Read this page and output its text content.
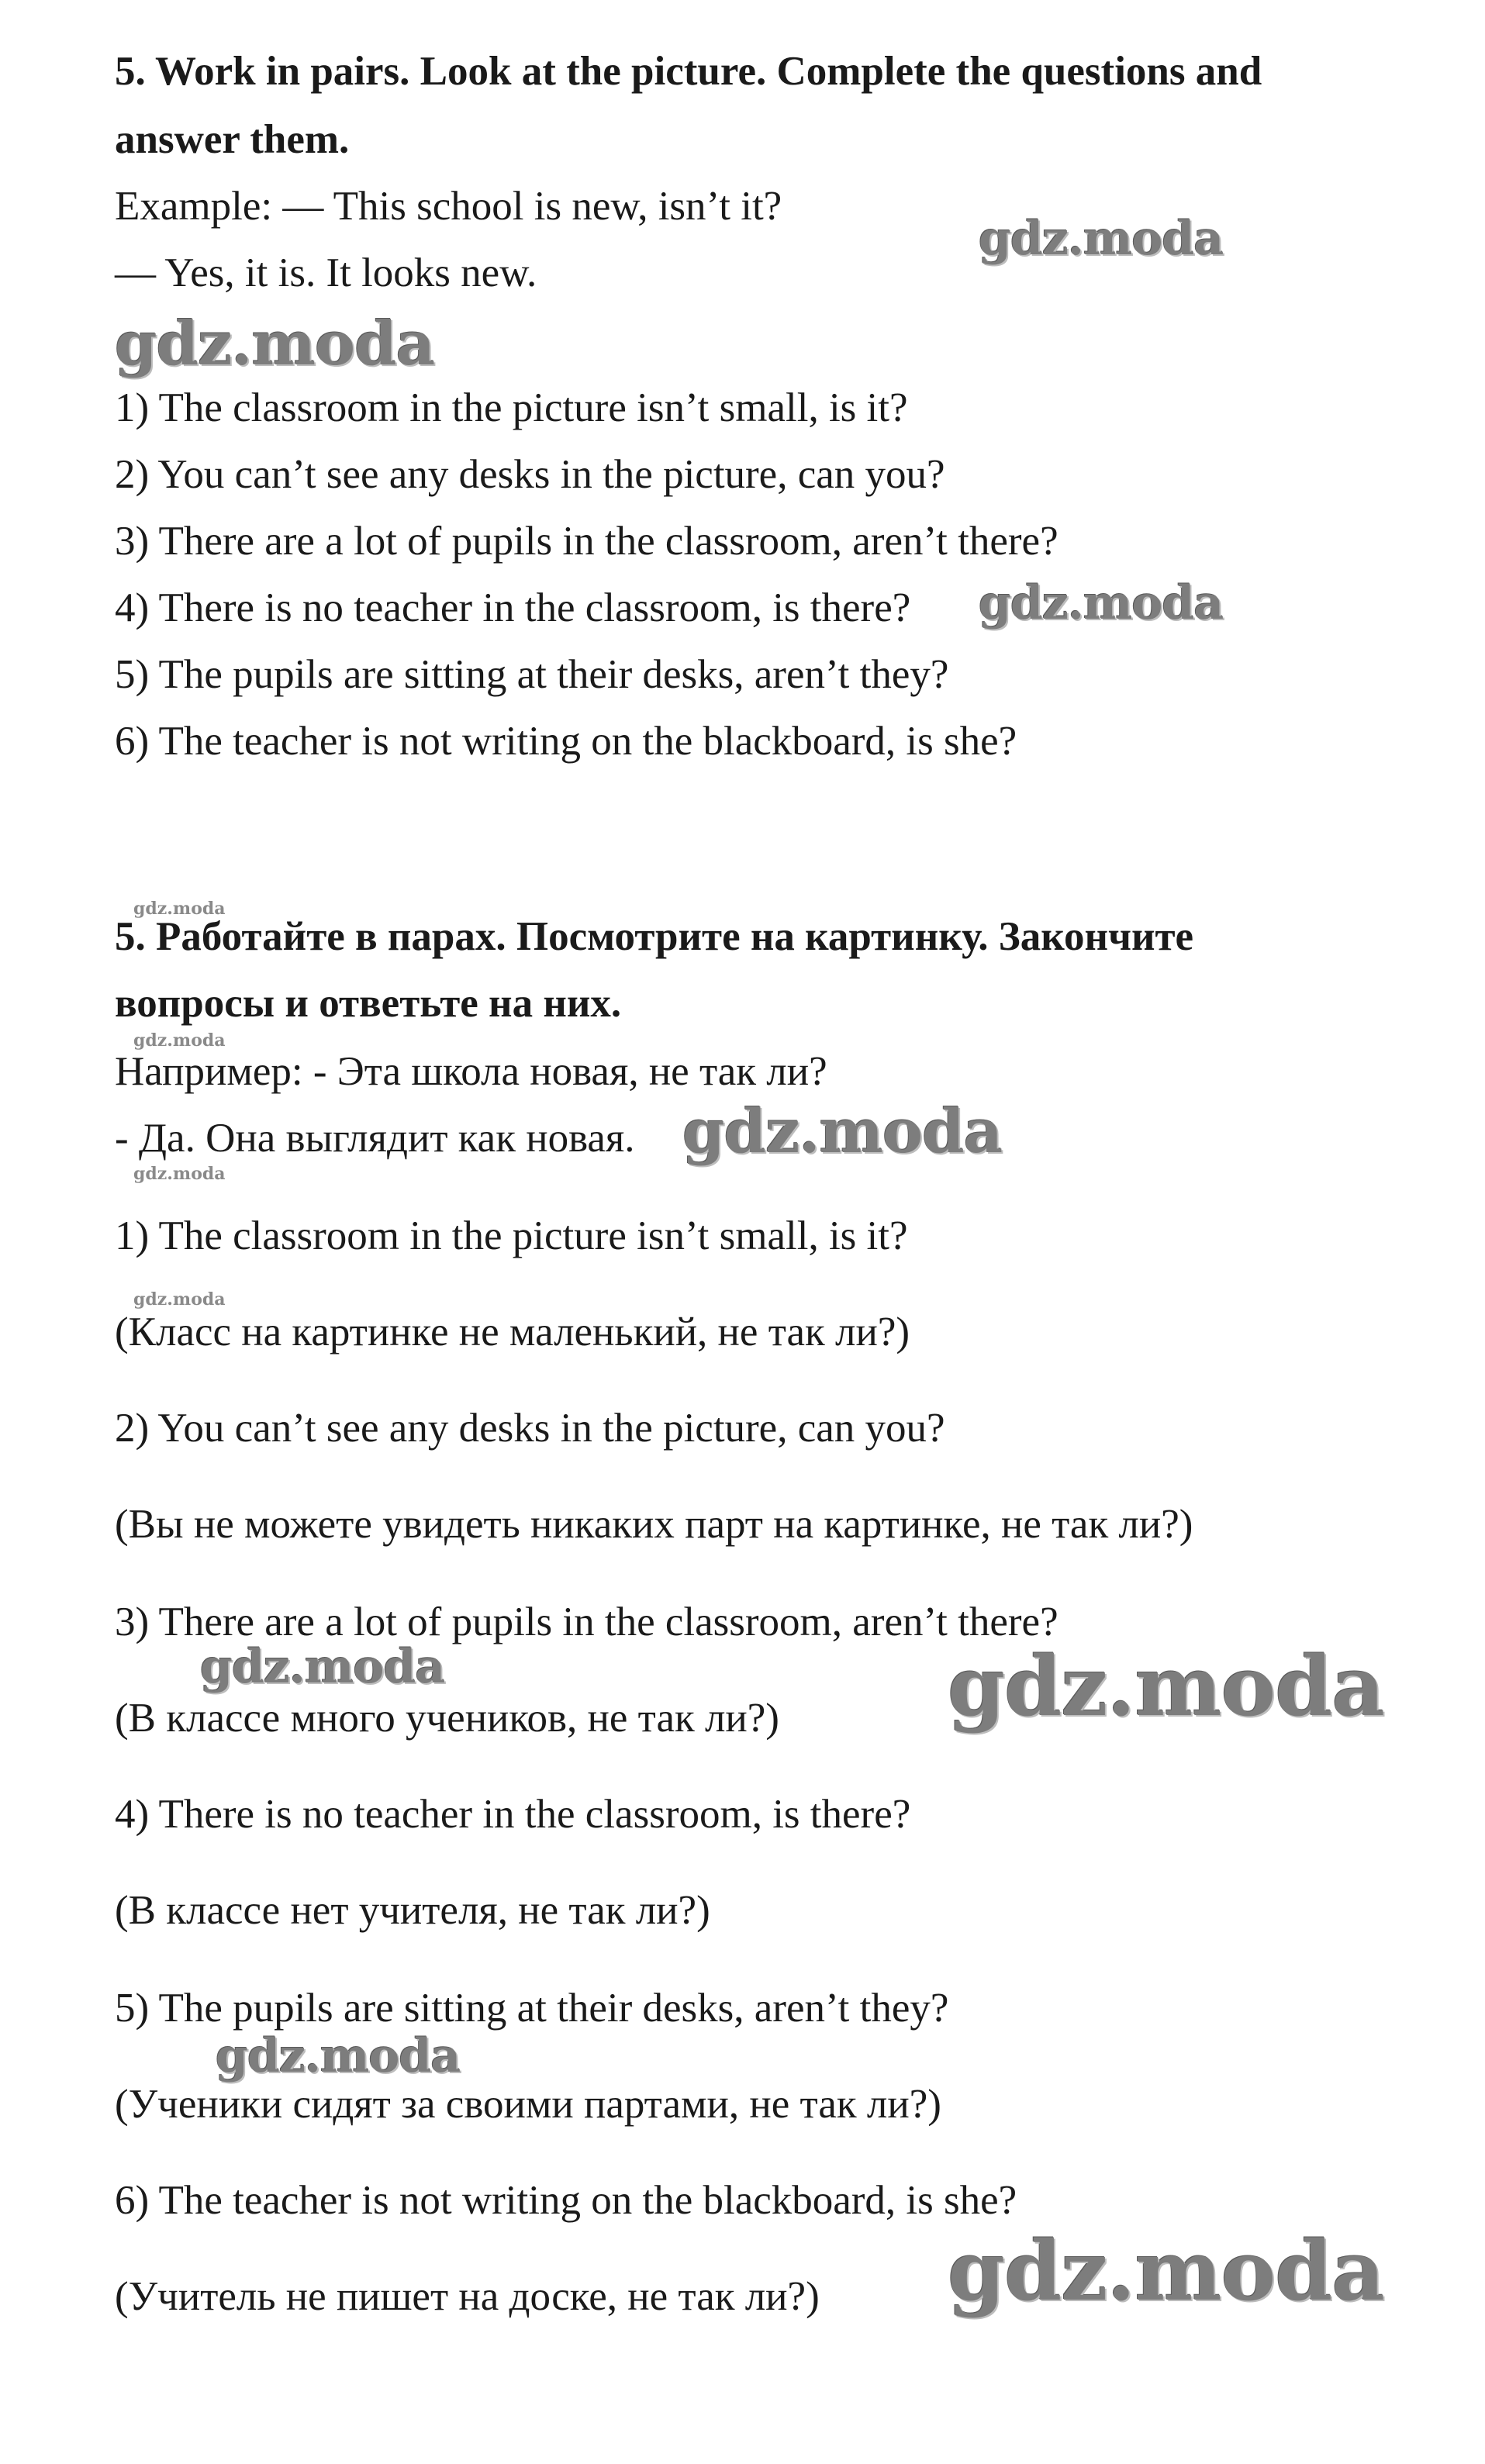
5. Work in pairs. Look at the picture. Complete the questions and
answer them.
Example: — This school is new, isn’t it?
— Yes, it is. It looks new.
1) The classroom in the picture isn’t small, is it?
2) You can’t see any desks in the picture, can you?
3) There are a lot of pupils in the classroom, aren’t there?
4) There is no teacher in the classroom, is there?
5) The pupils are sitting at their desks, aren’t they?
6) The teacher is not writing on the blackboard, is she?
5. Работайте в парах. Посмотрите на картинку. Закончите
вопросы и ответьте на них.
Например: - Эта школа новая, не так ли?
- Да. Она выглядит как новая.
1) The classroom in the picture isn’t small, is it?
(Класс на картинке не маленький, не так ли?)
2) You can’t see any desks in the picture, can you?
(Вы не можете увидеть никаких парт на картинке, не так ли?)
3) There are a lot of pupils in the classroom, aren’t there?
(В классе много учеников, не так ли?)
4) There is no teacher in the classroom, is there?
(В классе нет учителя, не так ли?)
5) The pupils are sitting at their desks, aren’t they?
(Ученики сидят за своими партами, не так ли?)
6) The teacher is not writing on the blackboard, is she?
(Учитель не пишет на доске, не так ли?)
gdz.moda
gdz.moda
gdz.moda
gdz.moda
gdz.moda
gdz.moda
gdz.moda
gdz.moda
gdz.moda	gdz.moda
gdz.moda
gdz.moda
